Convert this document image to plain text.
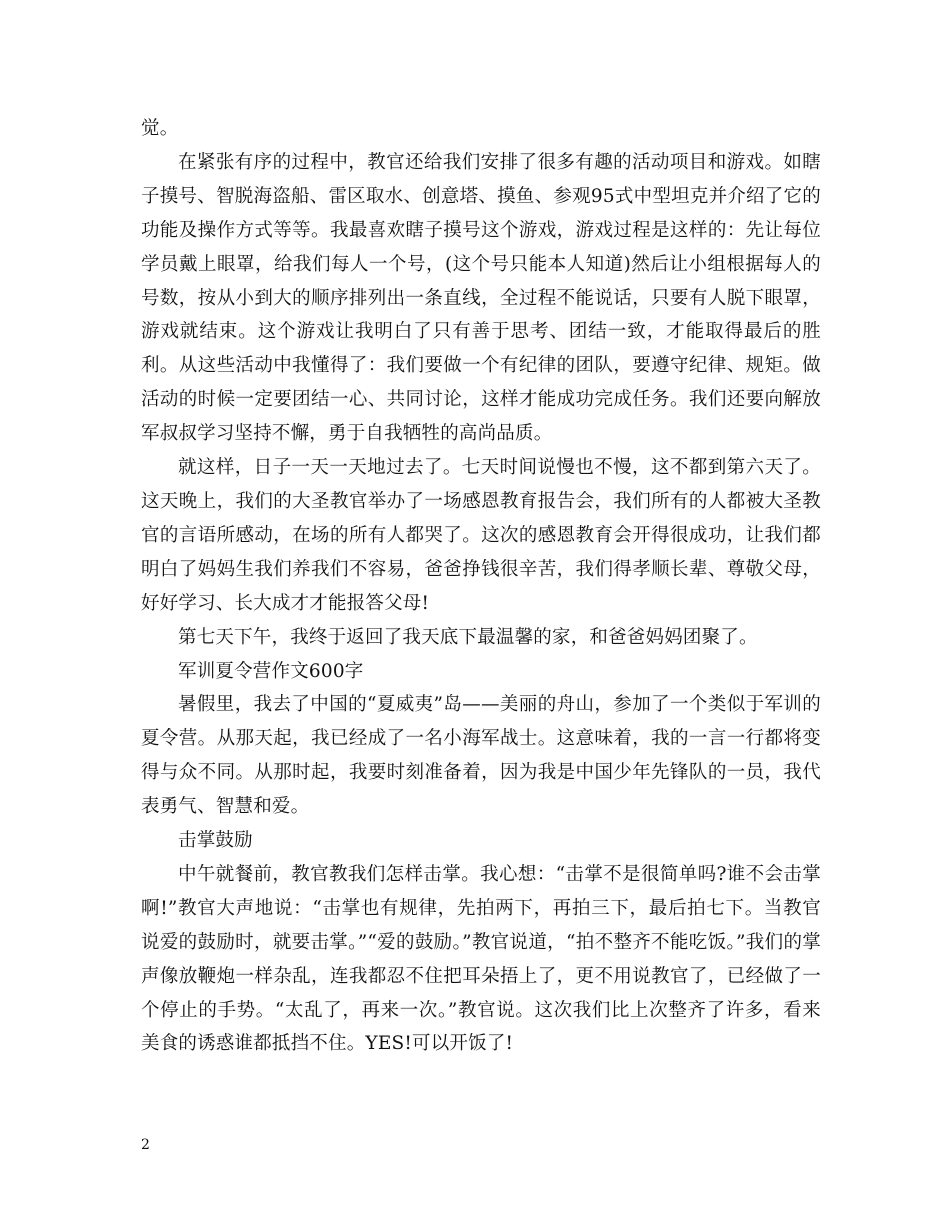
觉。

在紧张有序的过程中，教官还给我们安排了很多有趣的活动项目和游戏。如瞎子摸号、智脱海盗船、雷区取水、创意塔、摸鱼、参观95式中型坦克并介绍了它的功能及操作方式等等。我最喜欢瞎子摸号这个游戏，游戏过程是这样的：先让每位学员戴上眼罩，给我们每人一个号，(这个号只能本人知道)然后让小组根据每人的号数，按从小到大的顺序排列出一条直线，全过程不能说话，只要有人脱下眼罩，游戏就结束。这个游戏让我明白了只有善于思考、团结一致，才能取得最后的胜利。从这些活动中我懂得了：我们要做一个有纪律的团队，要遵守纪律、规矩。做活动的时候一定要团结一心、共同讨论，这样才能成功完成任务。我们还要向解放军叔叔学习坚持不懈，勇于自我牺牲的高尚品质。

就这样，日子一天一天地过去了。七天时间说慢也不慢，这不都到第六天了。这天晚上，我们的大圣教官举办了一场感恩教育报告会，我们所有的人都被大圣教官的言语所感动，在场的所有人都哭了。这次的感恩教育会开得很成功，让我们都明白了妈妈生我们养我们不容易，爸爸挣钱很辛苦，我们得孝顺长辈、尊敬父母，好好学习、长大成才才能报答父母!

第七天下午，我终于返回了我天底下最温馨的家，和爸爸妈妈团聚了。

军训夏令营作文600字

暑假里，我去了中国的“夏威夷”岛——美丽的舟山，参加了一个类似于军训的夏令营。从那天起，我已经成了一名小海军战士。这意味着，我的一言一行都将变得与众不同。从那时起，我要时刻准备着，因为我是中国少年先锋队的一员，我代表勇气、智慧和爱。

击掌鼓励

中午就餐前，教官教我们怎样击掌。我心想：“击掌不是很简单吗?谁不会击掌啊!”教官大声地说：“击掌也有规律，先拍两下，再拍三下，最后拍七下。当教官说爱的鼓励时，就要击掌。”“爱的鼓励。”教官说道，“拍不整齐不能吃饭。”我们的掌声像放鞭炮一样杂乱，连我都忍不住把耳朵捂上了，更不用说教官了，已经做了一个停止的手势。“太乱了，再来一次。”教官说。这次我们比上次整齐了许多，看来美食的诱惑谁都抵挡不住。YES!可以开饭了!

2
